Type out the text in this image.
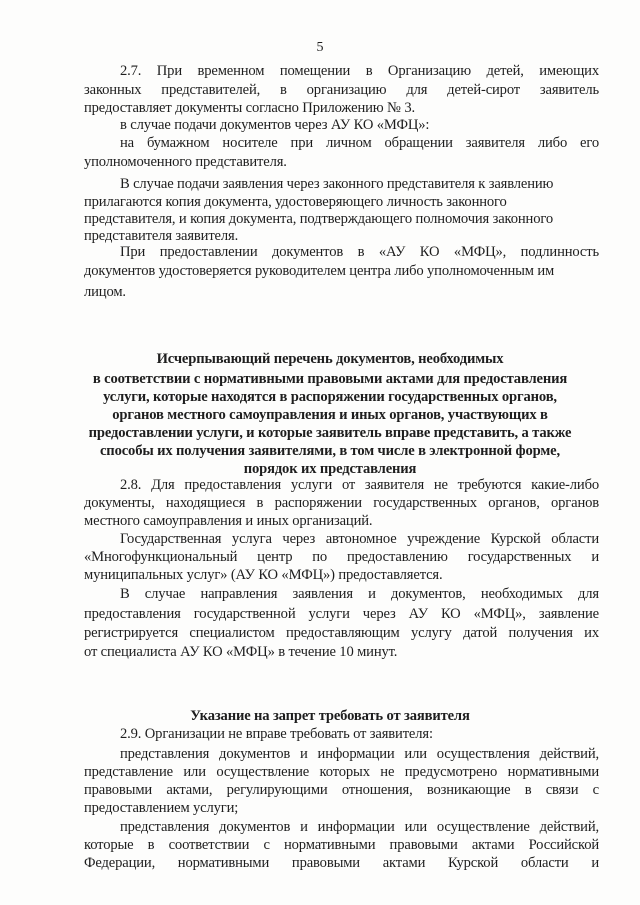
5
2.7. При временном помещении в Организацию детей, имеющих
законных представителей, в организацию для детей-сирот заявитель
предоставляет документы согласно Приложению № 3.
в случае подачи документов через АУ КО «МФЦ»:
на бумажном носителе при личном обращении заявителя либо его
уполномоченного представителя.
В случае подачи заявления через законного представителя к заявлению
прилагаются копия документа, удостоверяющего личность законного
представителя, и копия документа, подтверждающего полномочия законного
представителя заявителя.
При предоставлении документов в «АУ КО «МФЦ», подлинность
документов удостоверяется руководителем центра либо уполномоченным им
лицом.
Исчерпывающий перечень документов, необходимых
в соответствии с нормативными правовыми актами для предоставления
услуги, которые находятся в распоряжении государственных органов,
органов местного самоуправления и иных органов, участвующих в
предоставлении услуги, и которые заявитель вправе представить, а также
способы их получения заявителями, в том числе в электронной форме,
порядок их представления
2.8. Для предоставления услуги от заявителя не требуются какие-либо
документы, находящиеся в распоряжении государственных органов, органов
местного самоуправления и иных организаций.
Государственная услуга через автономное учреждение Курской области
«Многофункциональный центр по предоставлению государственных и
муниципальных услуг» (АУ КО «МФЦ») предоставляется.
В случае направления заявления и документов, необходимых для
предоставления государственной услуги через АУ КО «МФЦ», заявление
регистрируется специалистом предоставляющим услугу датой получения их
от специалиста АУ КО «МФЦ» в течение 10 минут.
Указание на запрет требовать от заявителя
2.9. Организации не вправе требовать от заявителя:
представления документов и информации или осуществления действий,
представление или осуществление которых не предусмотрено нормативными
правовыми актами, регулирующими отношения, возникающие в связи с
предоставлением услуги;
представления документов и информации или осуществление действий,
которые в соответствии с нормативными правовыми актами Российской
Федерации, нормативными правовыми актами Курской области и
